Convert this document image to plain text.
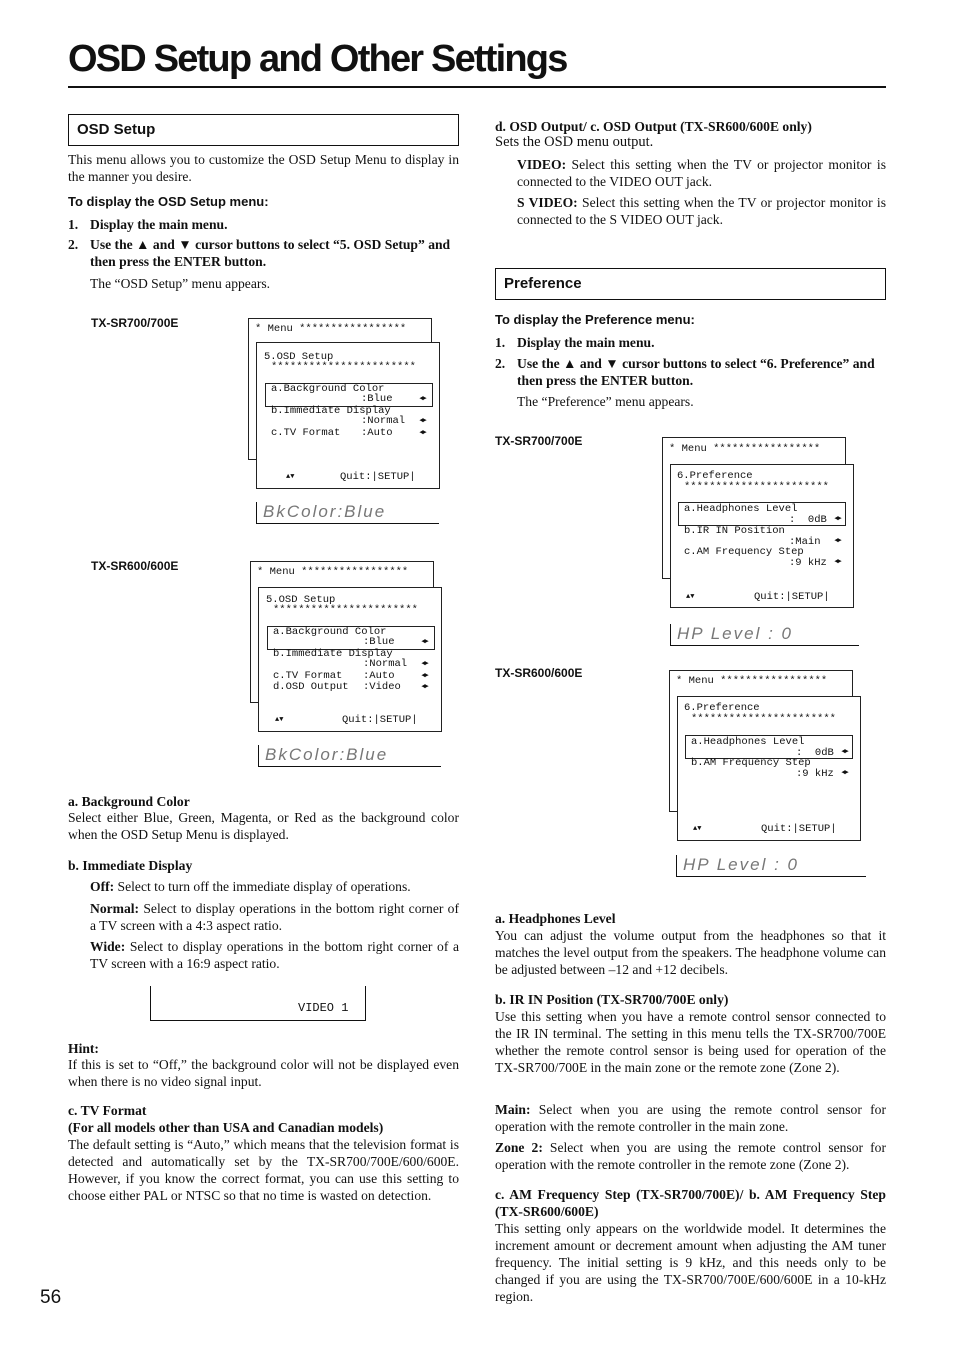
OSD Setup and Other Settings
OSD Setup

This menu allows you to customize the OSD Setup Menu to display in the manner you desire.

To display the OSD Setup menu:
1. Display the main menu.
2. Use the ▲ and ▼ cursor buttons to select “5. OSD Setup” and then press the ENTER button.
The “OSD Setup” menu appears.
TX-SR700/700E	* Menu *****************
5.OSD Setup
***********************
a.Background Color
:Blue	◀▶
b.Immediate Display
:Normal	◀▶
c.TV Format :Auto	◀▶
▲▼	Quit:|SETUP|
BkColor:Blue
TX-SR600/600E	* Menu *****************
5.OSD Setup
***********************
a.Background Color
:Blue	◀▶
b.Immediate Display
:Normal	◀▶
c.TV Format :Auto	◀▶
d.OSD Output :Video	◀▶
▲▼	Quit:|SETUP|
BkColor:Blue
a. Background Color

Select either Blue, Green, Magenta, or Red as the background color when the OSD Setup Menu is displayed.

b. Immediate Display

Off: Select to turn off the immediate display of operations.

Normal: Select to display operations in the bottom right corner of a TV screen with a 4:3 aspect ratio.

Wide: Select to display operations in the bottom right corner of a TV screen with a 16:9 aspect ratio.

VIDEO 1
Hint:

If this is set to “Off,” the background color will not be displayed even when there is no video signal input.

c. TV Format
(For all models other than USA and Canadian models)

The default setting is “Auto,” which means that the television format is detected and automatically set by the TX-SR700/700E/600/600E. However, if you know the correct format, you can use this setting to choose either PAL or NTSC so that no time is wasted on detection.

56
d. OSD Output/ c. OSD Output (TX-SR600/600E only)
Sets the OSD menu output.

VIDEO: Select this setting when the TV or projector monitor is connected to the VIDEO OUT jack.

S VIDEO: Select this setting when the TV or projector monitor is connected to the S VIDEO OUT jack.

Preference
To display the Preference menu:
1. Display the main menu.
2. Use the ▲ and ▼ cursor buttons to select “6. Preference” and then press the ENTER button.
The “Preference” menu appears.
TX-SR700/700E
* Menu *****************
6.Preference
***********************
a.Headphones Level
:  0dB	◀▶
b.IR IN Position
:Main	◀▶
c.AM Frequency Step
:9 kHz	◀▶
▲▼	Quit:|SETUP|
HP Level : 0
TX-SR600/600E
* Menu *****************
6.Preference
***********************
a.Headphones Level
:  0dB	◀▶
b.AM Frequency Step
:9 kHz	◀▶
▲▼	Quit:|SETUP|
HP Level : 0
a. Headphones Level

You can adjust the volume output from the headphones so that it matches the level output from the speakers. The headphone volume can be adjusted between –12 and +12 decibels.

b. IR IN Position (TX-SR700/700E only)

Use this setting when you have a remote control sensor connected to the IR IN terminal. The setting in this menu tells the TX-SR700/700E whether the remote control sensor is being used for operation of the TX-SR700/700E in the main zone or the remote zone (Zone 2).

Main: Select when you are using the remote control sensor for operation with the remote controller in the main zone.

Zone 2: Select when you are using the remote control sensor for operation with the remote controller in the remote zone (Zone 2).

c. AM Frequency Step (TX-SR700/700E)/ b. AM Frequency Step (TX-SR600/600E)

This setting only appears on the worldwide model. It determines the increment amount or decrement amount when adjusting the AM tuner frequency. The initial setting is 9 kHz, and this needs only to be changed if you are using the TX-SR700/700E/600/600E in a 10-kHz region.
